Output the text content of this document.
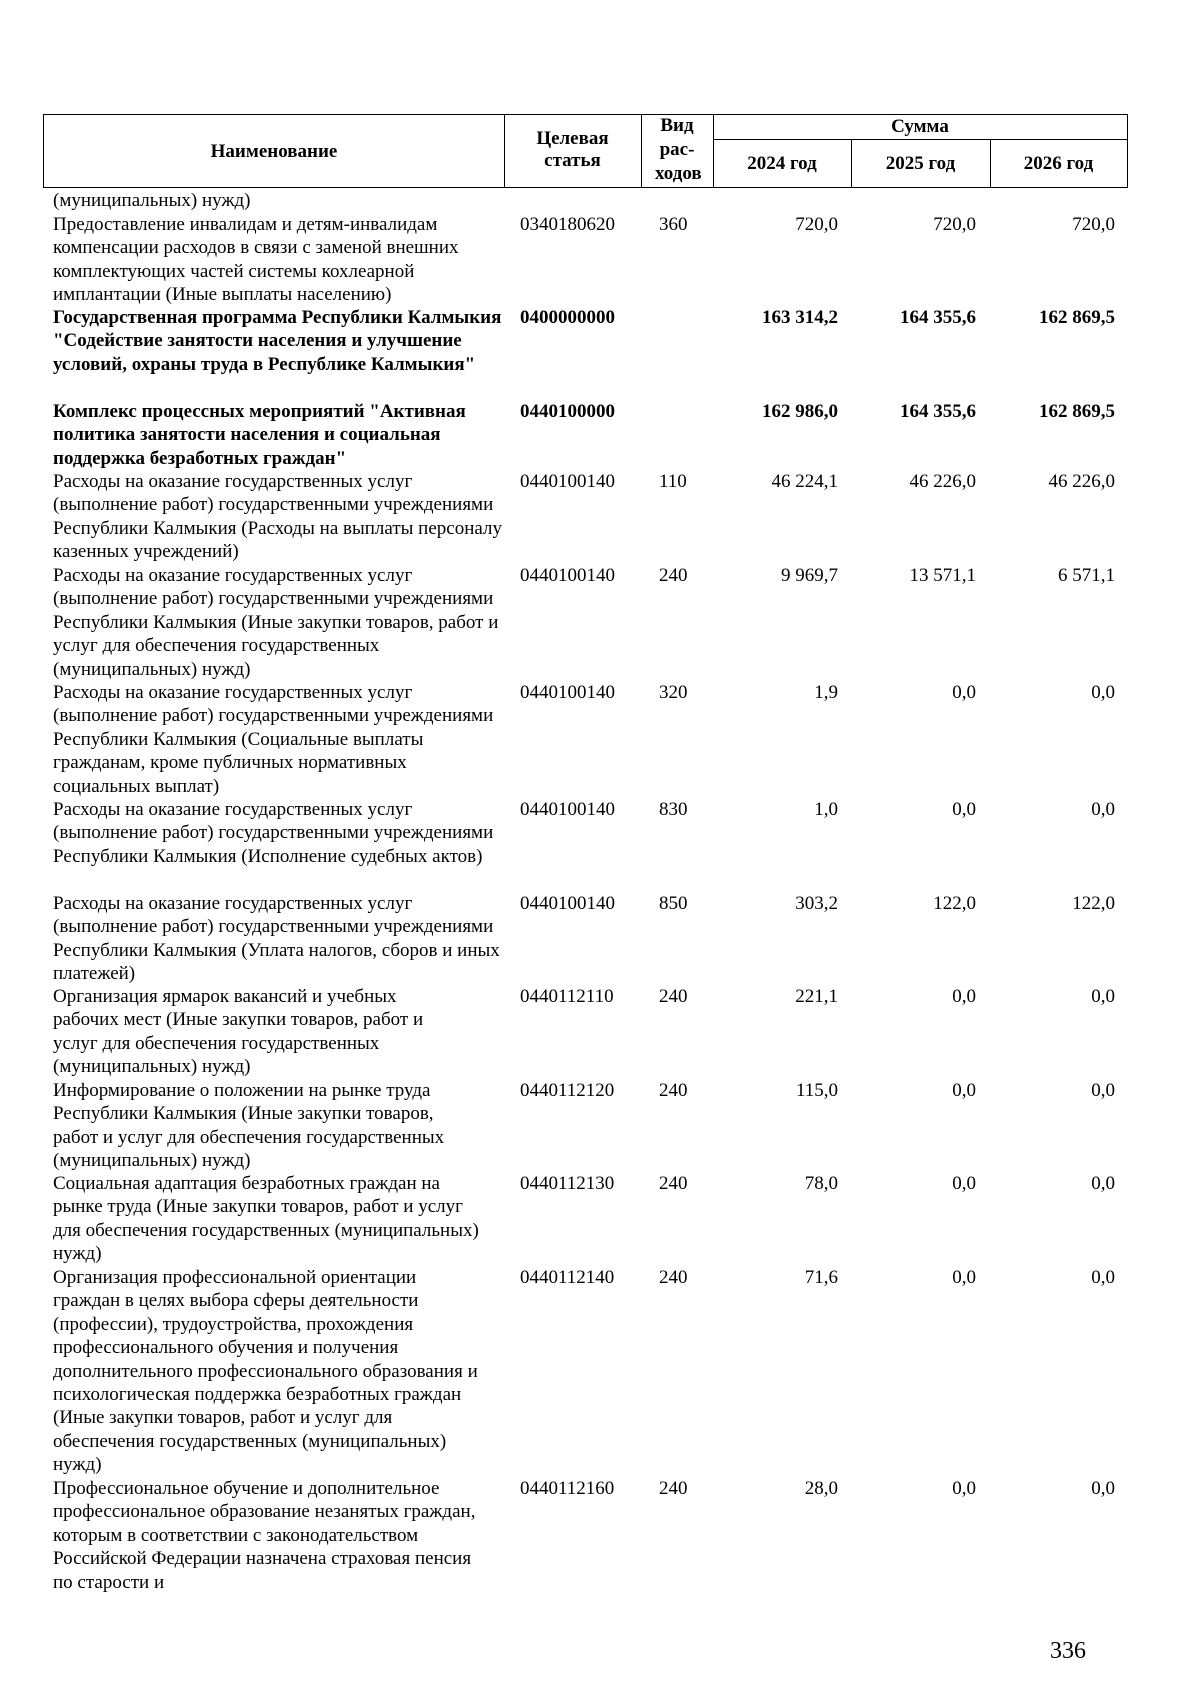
Наименование
Целевая статья
Вид рас-ходов
Сумма
2024 год	2025 год	2026 год
(муниципальных) нужд)
Предоставление инвалидам и детям-инвалидам компенсации расходов в связи с заменой внешних комплектующих частей системы кохлеарной имплантации (Иные выплаты населению)
0340180620 360	720,0	720,0	720,0
Государственная программа Республики Калмыкия "Содействие занятости населения и улучшение условий, охраны труда в Республике Калмыкия"
0400000000	163 314,2	164 355,6	162 869,5
Комплекс процессных мероприятий "Активная политика занятости населения и социальная поддержка безработных граждан"
0440100000	162 986,0	164 355,6	162 869,5
Расходы на оказание государственных услуг (выполнение работ) государственными учреждениями Республики Калмыкия (Расходы на выплаты персоналу казенных учреждений)
0440100140 110	46 224,1	46 226,0	46 226,0
Расходы на оказание государственных услуг (выполнение работ) государственными учреждениями Республики Калмыкия (Иные закупки товаров, работ и услуг для обеспечения государственных (муниципальных) нужд)
0440100140 240	9 969,7	13 571,1	6 571,1
Расходы на оказание государственных услуг (выполнение работ) государственными учреждениями Республики Калмыкия (Социальные выплаты гражданам, кроме публичных нормативных социальных выплат)
0440100140 320	1,9	0,0	0,0
Расходы на оказание государственных услуг (выполнение работ) государственными учреждениями Республики Калмыкия (Исполнение судебных актов)
0440100140 830	1,0	0,0	0,0
Расходы на оказание государственных услуг (выполнение работ) государственными учреждениями Республики Калмыкия (Уплата налогов, сборов и иных платежей)
0440100140 850	303,2	122,0	122,0
Организация ярмарок вакансий и учебных рабочих мест (Иные закупки товаров, работ и услуг для обеспечения государственных (муниципальных) нужд)
0440112110 240	221,1	0,0	0,0
Информирование о положении на рынке труда Республики Калмыкия (Иные закупки товаров, работ и услуг для обеспечения государственных (муниципальных) нужд)
0440112120 240	115,0	0,0	0,0
Социальная адаптация безработных граждан на рынке труда (Иные закупки товаров, работ и услуг для обеспечения государственных (муниципальных) нужд)
0440112130 240	78,0	0,0	0,0
Организация профессиональной ориентации граждан в целях выбора сферы деятельности (профессии), трудоустройства, прохождения профессионального обучения и получения дополнительного профессионального образования и психологическая поддержка безработных граждан (Иные закупки товаров, работ и услуг для обеспечения государственных (муниципальных) нужд)
0440112140 240	71,6	0,0	0,0
Профессиональное обучение и дополнительное профессиональное образование незанятых граждан, которым в соответствии с законодательством Российской Федерации назначена страховая пенсия по старости и
0440112160 240	28,0	0,0	0,0
336
